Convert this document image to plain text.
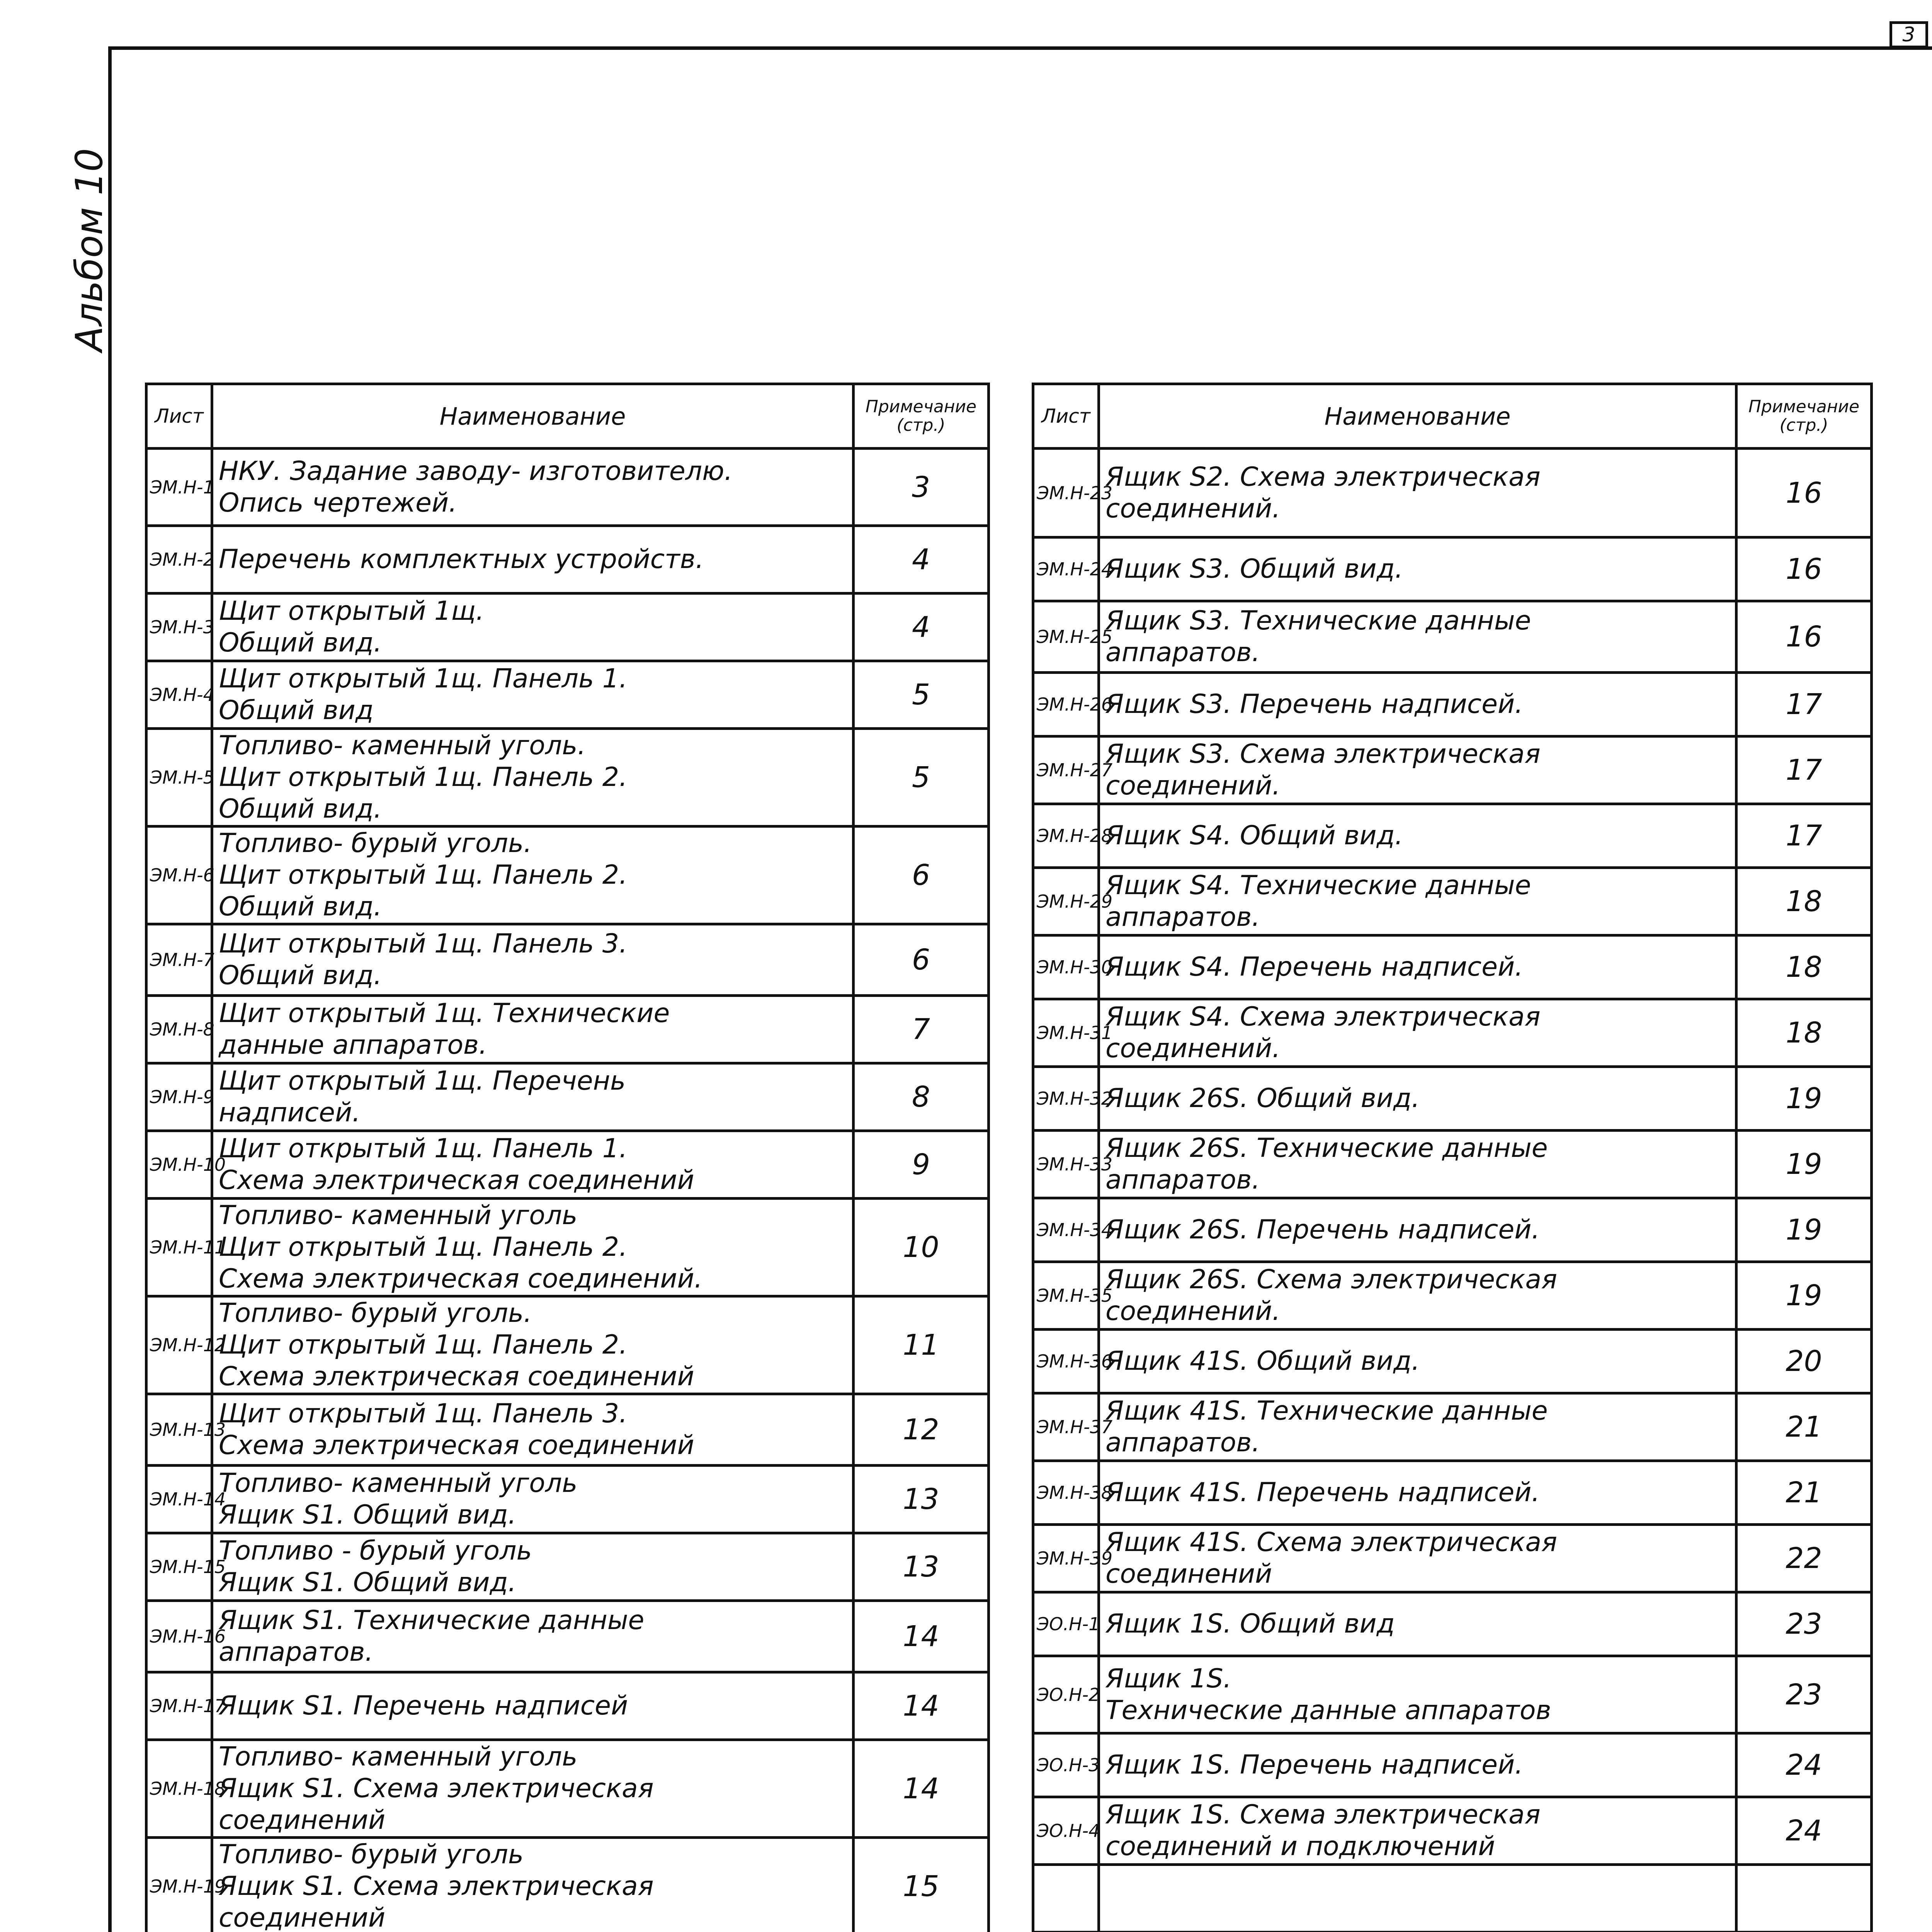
3
Альбом 10
Лист	Наименование	Примечание (стр.)
ЭМ.Н-1	НКУ. Задание заводу- изготовителю.
Опись чертежей.	3
ЭМ.Н-2	Перечень комплектных устройств.	4
ЭМ.Н-3	Щит открытый 1щ.
Общий вид.	4
ЭМ.Н-4	Щит открытый 1щ. Панель 1.
Общий вид	5
ЭМ.Н-5	Топливо- каменный уголь.
Щит открытый 1щ. Панель 2.
Общий вид.	5
ЭМ.Н-6	Топливо- бурый уголь.
Щит открытый 1щ. Панель 2.
Общий вид.	6
ЭМ.Н-7	Щит открытый 1щ. Панель 3.
Общий вид.	6
ЭМ.Н-8	Щит открытый 1щ. Технические
данные аппаратов.	7
ЭМ.Н-9	Щит открытый 1щ. Перечень
надписей.	8
ЭМ.Н-10	Щит открытый 1щ. Панель 1.
Схема электрическая соединений	9
ЭМ.Н-11	Топливо- каменный уголь
Щит открытый 1щ. Панель 2.
Схема электрическая соединений.	10
ЭМ.Н-12	Топливо- бурый уголь.
Щит открытый 1щ. Панель 2.
Схема электрическая соединений	11
ЭМ.Н-13	Щит открытый 1щ. Панель 3.
Схема электрическая соединений	12
ЭМ.Н-14	Топливо- каменный уголь
Ящик S1. Общий вид.	13
ЭМ.Н-15	Топливо - бурый уголь
Ящик S1. Общий вид.	13
ЭМ.Н-16	Ящик S1. Технические данные
аппаратов.	14
ЭМ.Н-17	Ящик S1. Перечень надписей	14
ЭМ.Н-18	Топливо- каменный уголь
Ящик S1. Схема электрическая
соединений	14
ЭМ.Н-19	Топливо- бурый уголь
Ящик S1. Схема электрическая
соединений	15

Лист	Наименование	Примечание (стр.)
ЭМ.Н-23	Ящик S2. Схема электрическая
соединений.	16
ЭМ.Н-24	Ящик S3. Общий вид.	16
ЭМ.Н-25	Ящик S3. Технические данные
аппаратов.	16
ЭМ.Н-26	Ящик S3. Перечень надписей.	17
ЭМ.Н-27	Ящик S3. Схема электрическая
соединений.	17
ЭМ.Н-28	Ящик S4. Общий вид.	17
ЭМ.Н-29	Ящик S4. Технические данные
аппаратов.	18
ЭМ.Н-30	Ящик S4. Перечень надписей.	18
ЭМ.Н-31	Ящик S4. Схема электрическая
соединений.	18
ЭМ.Н-32	Ящик 26S. Общий вид.	19
ЭМ.Н-33	Ящик 26S. Технические данные
аппаратов.	19
ЭМ.Н-34	Ящик 26S. Перечень надписей.	19
ЭМ.Н-35	Ящик 26S. Схема электрическая
соединений.	19
ЭМ.Н-36	Ящик 41S. Общий вид.	20
ЭМ.Н-37	Ящик 41S. Технические данные
аппаратов.	21
ЭМ.Н-38	Ящик 41S. Перечень надписей.	21
ЭМ.Н-39	Ящик 41S. Схема электрическая
соединений	22
ЭО.Н-1	Ящик 1S. Общий вид	23
ЭО.Н-2	Ящик 1S.
Технические данные аппаратов	23
ЭО.Н-3	Ящик 1S. Перечень надписей.	24
ЭО.Н-4	Ящик 1S. Схема электрическая
соединений и подключений	24
